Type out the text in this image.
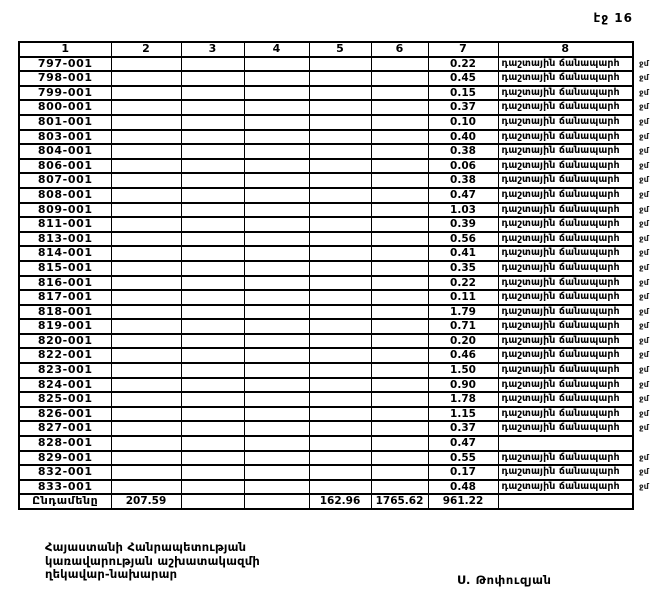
էջ 16
1	2	3	4	5	6	7	8	
797-001						0.22	դաշտային ճանապարհ	ջմ
798-001						0.45	դաշտային ճանապարհ	ջմ
799-001						0.15	դաշտային ճանապարհ	ջմ
800-001						0.37	դաշտային ճանապարհ	ջմ
801-001						0.10	դաշտային ճանապարհ	ջմ
803-001						0.40	դաշտային ճանապարհ	ջմ
804-001						0.38	դաշտային ճանապարհ	ջմ
806-001						0.06	դաշտային ճանապարհ	ջմ
807-001						0.38	դաշտային ճանապարհ	ջմ
808-001						0.47	դաշտային ճանապարհ	ջմ
809-001						1.03	դաշտային ճանապարհ	ջմ
811-001						0.39	դաշտային ճանապարհ	ջմ
813-001						0.56	դաշտային ճանապարհ	ջմ
814-001						0.41	դաշտային ճանապարհ	ջմ
815-001						0.35	դաշտային ճանապարհ	ջմ
816-001						0.22	դաշտային ճանապարհ	ջմ
817-001						0.11	դաշտային ճանապարհ	ջմ
818-001						1.79	դաշտային ճանապարհ	ջմ
819-001						0.71	դաշտային ճանապարհ	ջմ
820-001						0.20	դաշտային ճանապարհ	ջմ
822-001						0.46	դաշտային ճանապարհ	ջմ
823-001						1.50	դաշտային ճանապարհ	ջմ
824-001						0.90	դաշտային ճանապարհ	ջմ
825-001						1.78	դաշտային ճանապարհ	ջմ
826-001						1.15	դաշտային ճանապարհ	ջմ
827-001						0.37	դաշտային ճանապարհ	ջմ
828-001						0.47		
829-001						0.55	դաշտային ճանապարհ	ջմ
832-001						0.17	դաշտային ճանապարհ	ջմ
833-001						0.48	դաշտային ճանապարհ	ջմ
Ընդամենը	207.59			162.96	1765.62	961.22		
Հայաստանի Հանրապետության
կառավարության աշխատակազմի
ղեկավար-նախարար	Ս. Թոփուզյան
